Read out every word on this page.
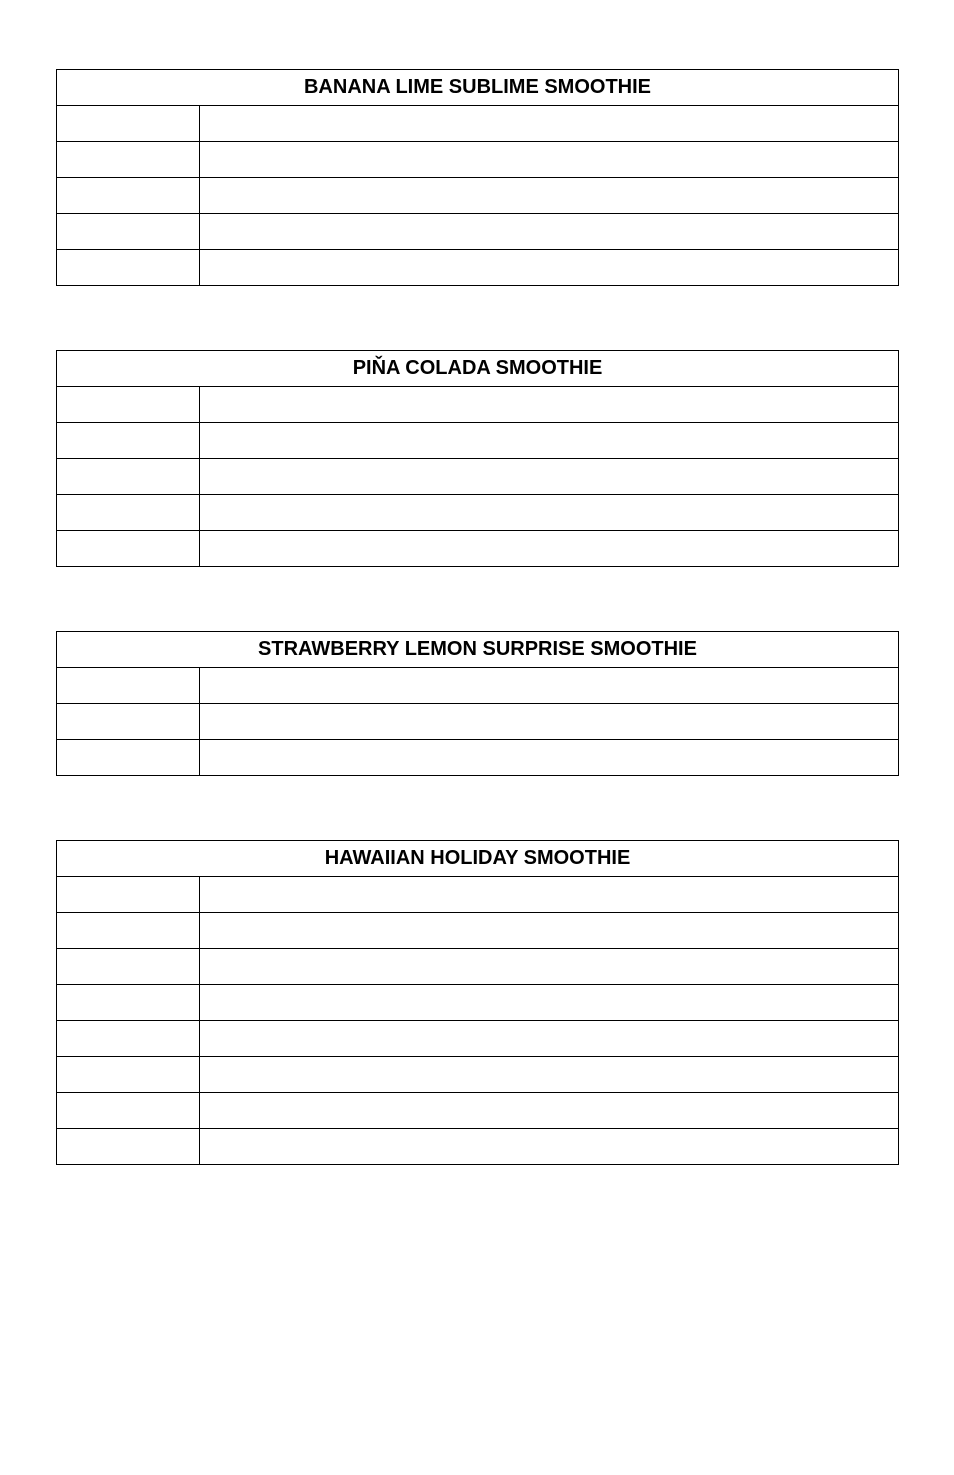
BANANA LIME SUBLIME SMOOTHIE	

PIŇA COLADA SMOOTHIE	

STRAWBERRY LEMON SURPRISE SMOOTHIE	

HAWAIIAN HOLIDAY SMOOTHIE	
